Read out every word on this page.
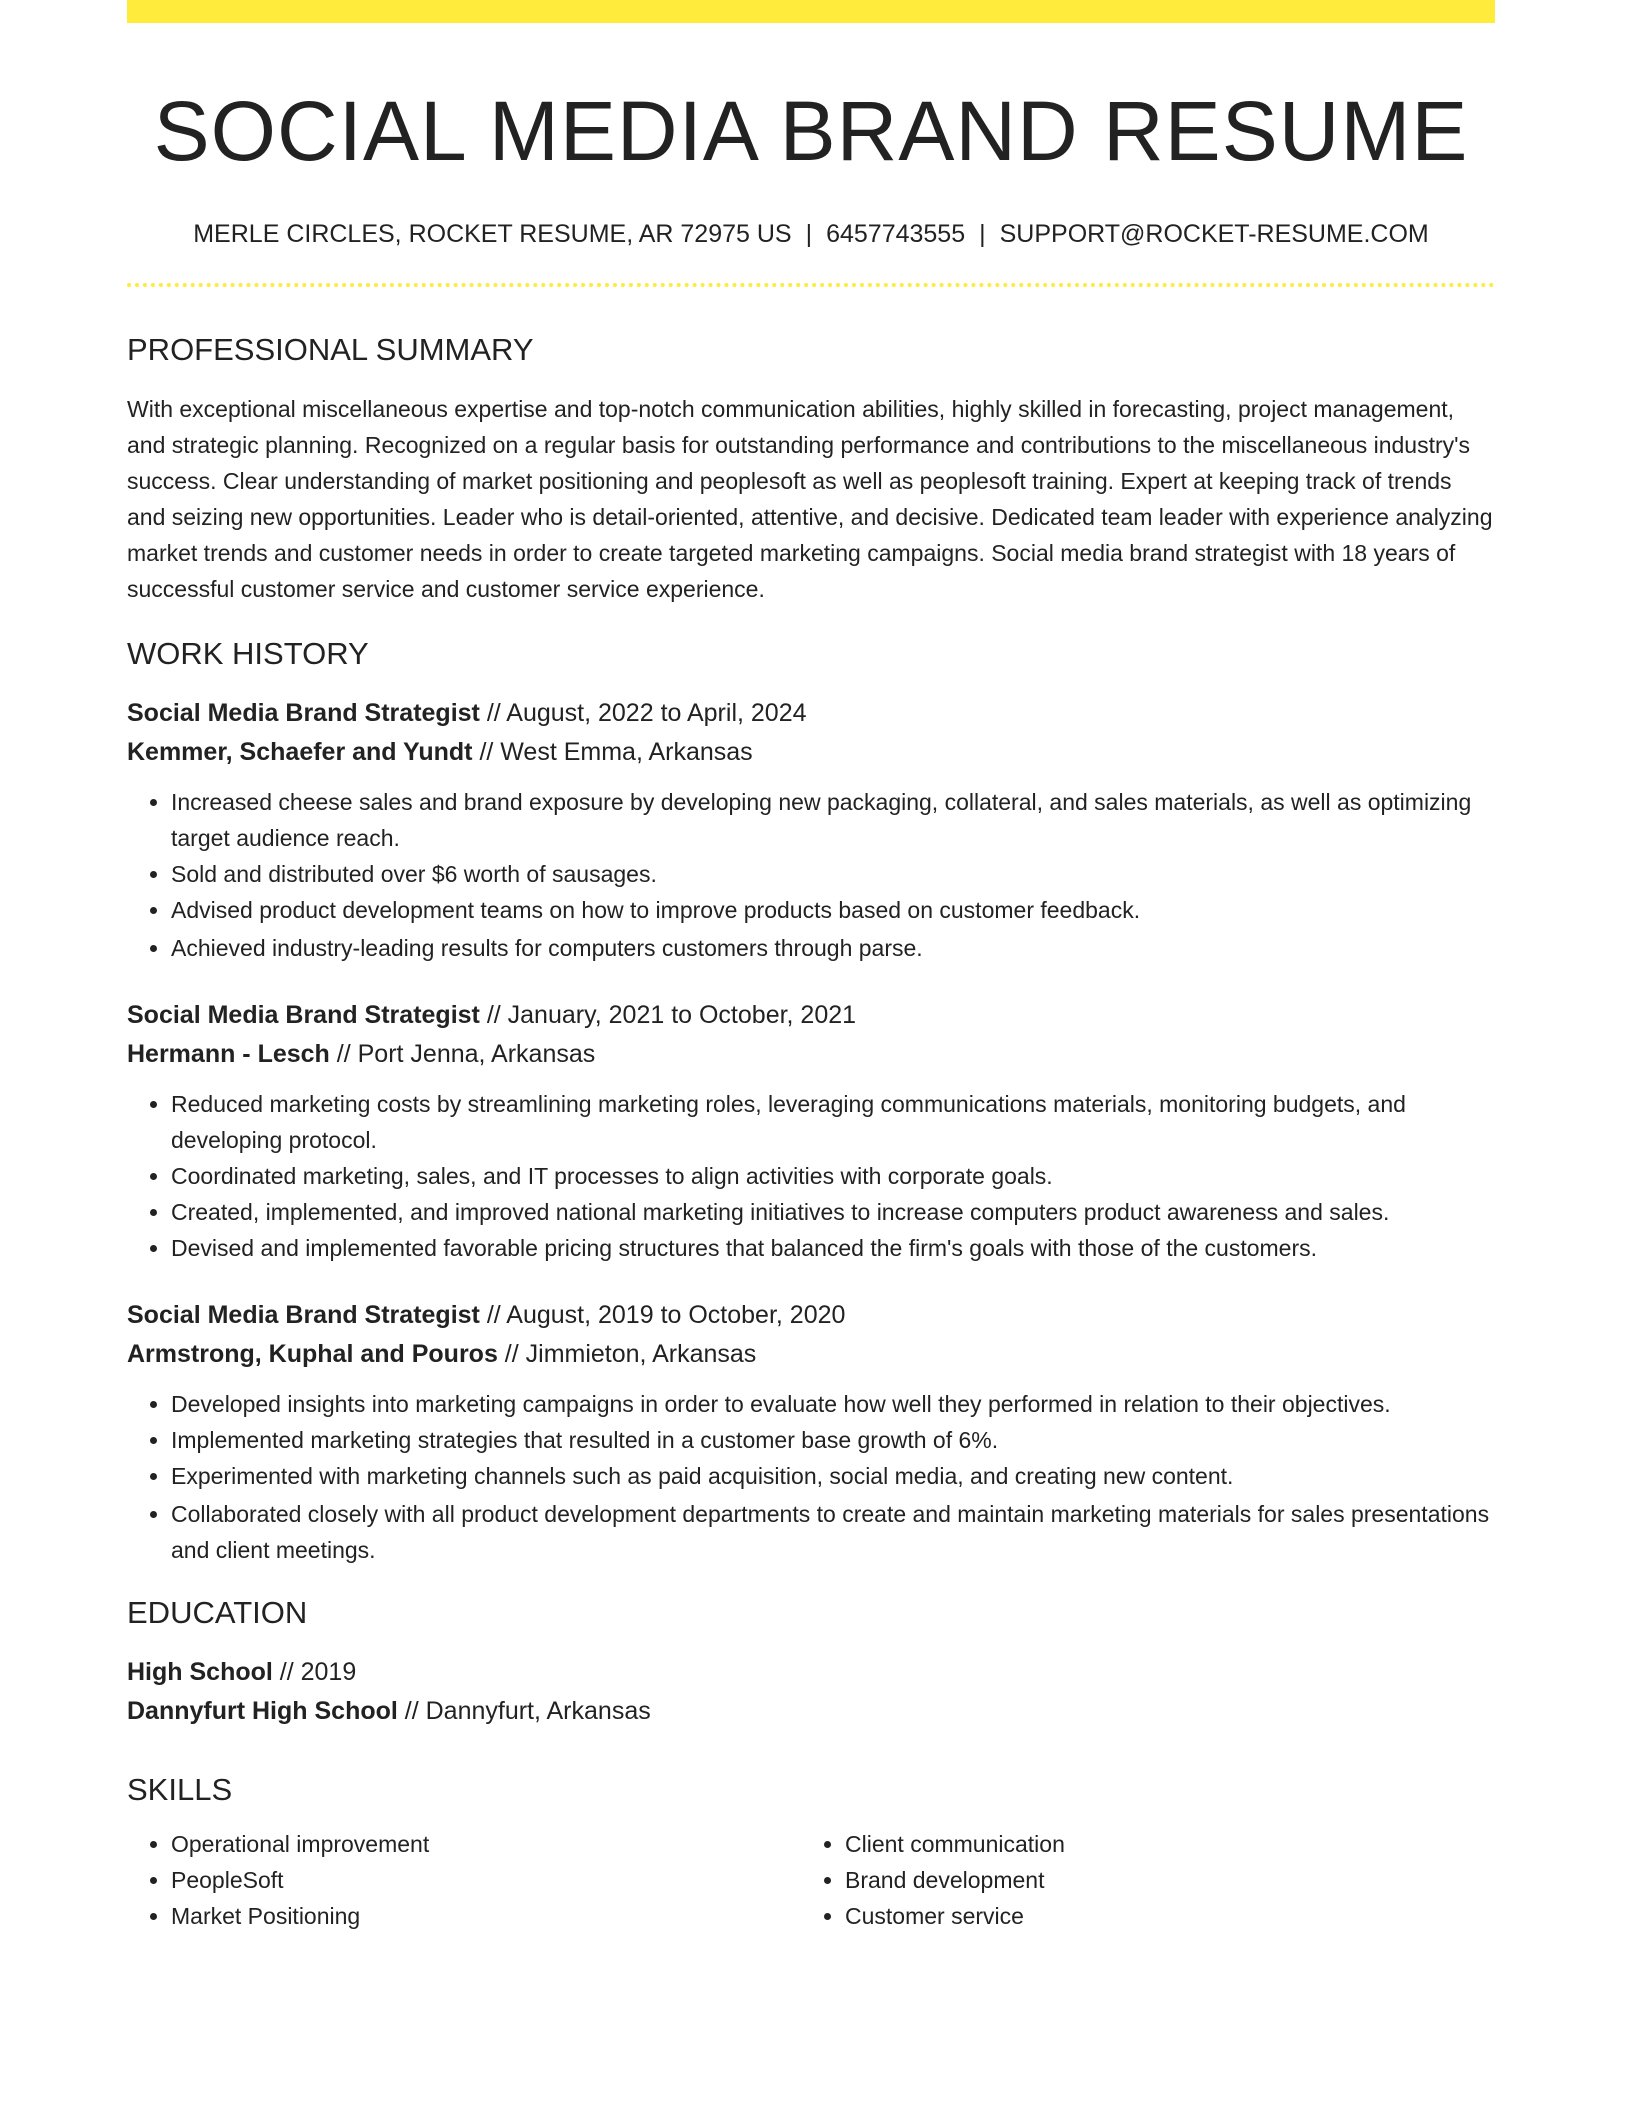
SOCIAL MEDIA BRAND RESUME
MERLE CIRCLES, ROCKET RESUME, AR 72975 US | 6457743555 | SUPPORT@ROCKET-RESUME.COM
PROFESSIONAL SUMMARY

With exceptional miscellaneous expertise and top-notch communication abilities, highly skilled in forecasting, project management, and strategic planning. Recognized on a regular basis for outstanding performance and contributions to the miscellaneous industry's success. Clear understanding of market positioning and peoplesoft as well as peoplesoft training. Expert at keeping track of trends and seizing new opportunities. Leader who is detail-oriented, attentive, and decisive. Dedicated team leader with experience analyzing market trends and customer needs in order to create targeted marketing campaigns. Social media brand strategist with 18 years of successful customer service and customer service experience.

WORK HISTORY
Social Media Brand Strategist // August, 2022 to April, 2024
Kemmer, Schaefer and Yundt // West Emma, Arkansas
• Increased cheese sales and brand exposure by developing new packaging, collateral, and sales materials, as well as optimizing target audience reach.
• Sold and distributed over $6 worth of sausages.
• Advised product development teams on how to improve products based on customer feedback.
• Achieved industry-leading results for computers customers through parse.
Social Media Brand Strategist // January, 2021 to October, 2021
Hermann - Lesch // Port Jenna, Arkansas
• Reduced marketing costs by streamlining marketing roles, leveraging communications materials, monitoring budgets, and developing protocol.
• Coordinated marketing, sales, and IT processes to align activities with corporate goals.
• Created, implemented, and improved national marketing initiatives to increase computers product awareness and sales.
• Devised and implemented favorable pricing structures that balanced the firm's goals with those of the customers.
Social Media Brand Strategist // August, 2019 to October, 2020
Armstrong, Kuphal and Pouros // Jimmieton, Arkansas
• Developed insights into marketing campaigns in order to evaluate how well they performed in relation to their objectives.
• Implemented marketing strategies that resulted in a customer base growth of 6%.
• Experimented with marketing channels such as paid acquisition, social media, and creating new content.
• Collaborated closely with all product development departments to create and maintain marketing materials for sales presentations and client meetings.
EDUCATION
High School // 2019
Dannyfurt High School // Dannyfurt, Arkansas
SKILLS
• Operational improvement
• PeopleSoft
• Market Positioning
• Client communication
• Brand development
• Customer service
